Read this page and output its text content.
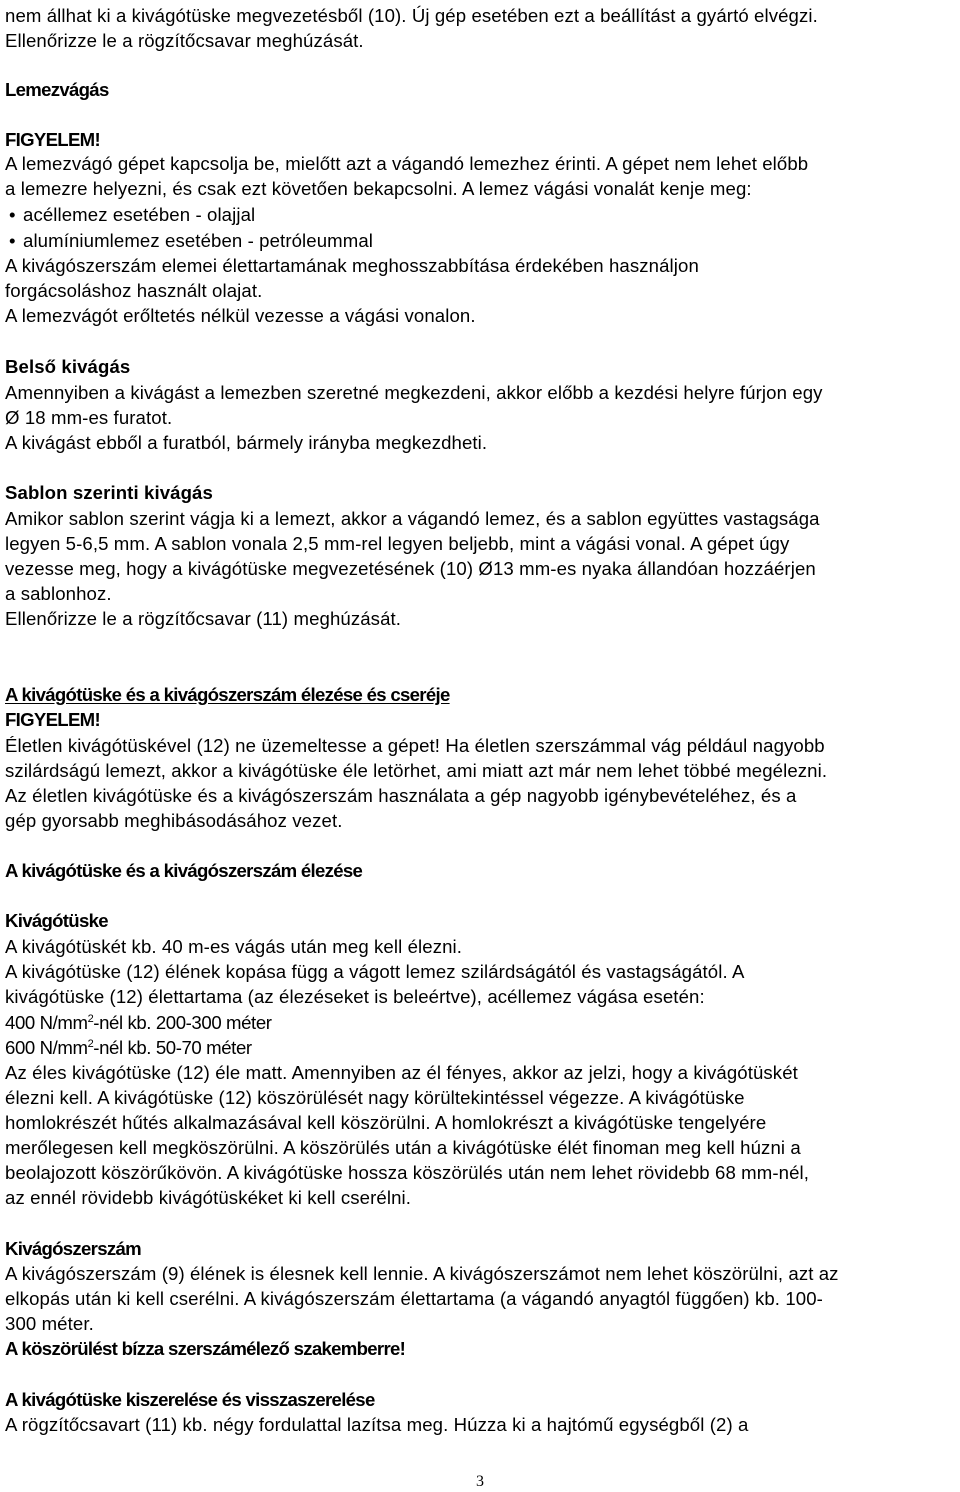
nem állhat ki a kivágótüske megvezetésből (10). Új gép esetében ezt a beállítást a gyártó elvégzi.
Ellenőrizze le a rögzítőcsavar meghúzását.
Lemezvágás
FIGYELEM!
A lemezvágó gépet kapcsolja be, mielőtt azt a vágandó lemezhez érinti. A gépet nem lehet előbb
a lemezre helyezni, és csak ezt követően bekapcsolni. A lemez vágási vonalát kenje meg:
• acéllemez esetében - olajjal
• alumíniumlemez esetében - petróleummal
A kivágószerszám elemei élettartamának meghosszabbítása érdekében használjon
forgácsoláshoz használt olajat.
A lemezvágót erőltetés nélkül vezesse a vágási vonalon.
Belső kivágás
Amennyiben a kivágást a lemezben szeretné megkezdeni, akkor előbb a kezdési helyre fúrjon egy
Ø 18 mm-es furatot.
A kivágást ebből a furatból, bármely irányba megkezdheti.
Sablon szerinti kivágás
Amikor sablon szerint vágja ki a lemezt, akkor a vágandó lemez, és a sablon együttes vastagsága
legyen 5-6,5 mm. A sablon vonala 2,5 mm-rel legyen beljebb, mint a vágási vonal. A gépet úgy
vezesse meg, hogy a kivágótüske megvezetésének (10) Ø13 mm-es nyaka állandóan hozzáérjen
a sablonhoz.
Ellenőrizze le a rögzítőcsavar (11) meghúzását.
A kivágótüske és a kivágószerszám élezése és cseréje
FIGYELEM!
Életlen kivágótüskével (12) ne üzemeltesse a gépet! Ha életlen szerszámmal vág például nagyobb
szilárdságú lemezt, akkor a kivágótüske éle letörhet, ami miatt azt már nem lehet többé megélezni.
Az életlen kivágótüske és a kivágószerszám használata a gép nagyobb igénybevételéhez, és a
gép gyorsabb meghibásodásához vezet.
A kivágótüske és a kivágószerszám élezése
Kivágótüske
A kivágótüskét kb. 40 m-es vágás után meg kell élezni.
A kivágótüske (12) élének kopása függ a vágott lemez szilárdságától és vastagságától. A
kivágótüske (12) élettartama (az élezéseket is beleértve), acéllemez vágása esetén:
400 $N/mm^2$-nél kb. 200-300 méter
600 $N/mm^2$-nél kb. 50-70 méter
Az éles kivágótüske (12) éle matt. Amennyiben az él fényes, akkor az jelzi, hogy a kivágótüskét
élezni kell. A kivágótüske (12) köszörülését nagy körültekintéssel végezze. A kivágótüske
homlokrészét hűtés alkalmazásával kell köszörülni. A homlokrészt a kivágótüske tengelyére
merőlegesen kell megköszörülni. A köszörülés után a kivágótüske élét finoman meg kell húzni a
beolajozott köszörűkövön. A kivágótüske hossza köszörülés után nem lehet rövidebb 68 mm-nél,
az ennél rövidebb kivágótüskéket ki kell cserélni.
Kivágószerszám
A kivágószerszám (9) élének is élesnek kell lennie. A kivágószerszámot nem lehet köszörülni, azt az
elkopás után ki kell cserélni. A kivágószerszám élettartama (a vágandó anyagtól függően) kb. 100-
300 méter.
A köszörülést bízza szerszámélező szakemberre!
A kivágótüske kiszerelése és visszaszerelése
A rögzítőcsavart (11) kb. négy fordulattal lazítsa meg. Húzza ki a hajtómű egységből (2) a
3
